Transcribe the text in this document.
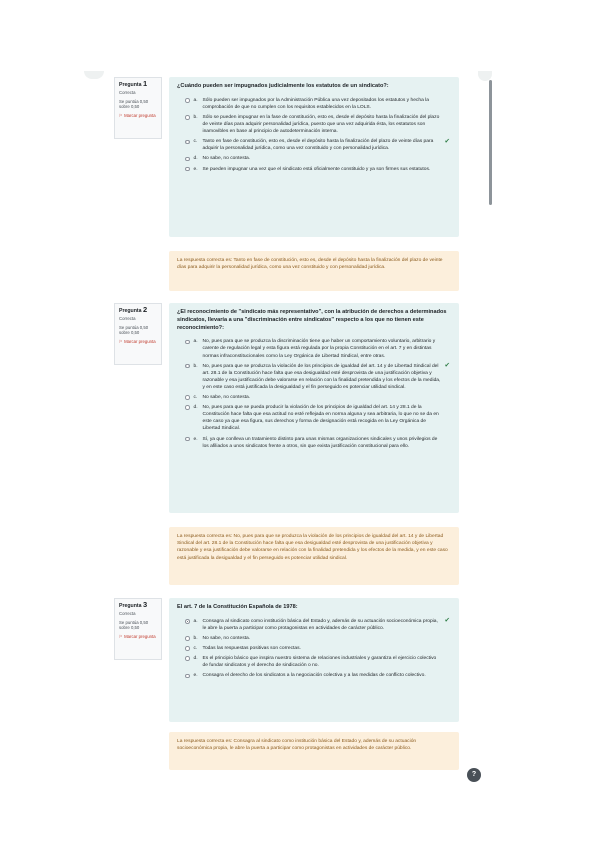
Pregunta 1
Correcta
Se puntúa 0,50 sobre 0,50
⚐ Marcar pregunta
¿Cuándo pueden ser impugnados judicialmente los estatutos de un sindicato?:
a.	Sólo pueden ser impugnados por la Administración Pública una vez depositados los estatutos y hecha la comprobación de que no cumplen con los requisitos establecidos en la LOLS.
b.	Sólo se pueden impugnar en la fase de constitución, esto es, desde el depósito hasta la finalización del plazo de veinte días para adquirir personalidad jurídica, puesto que una vez adquirida ésta, los estatutos son inamovibles en base al principio de autodeterminación interna.
c.	Tanto en fase de constitución, esto es, desde el depósito hasta la finalización del plazo de veinte días para adquirir la personalidad jurídica, como una vez constituido y con personalidad jurídica.
✔
d.	No sabe, no contesta.
e.	Se pueden impugnar una vez que el sindicato está oficialmente constituido y ya son firmes sus estatutos.
La respuesta correcta es: Tanto en fase de constitución, esto es, desde el depósito hasta la finalización del plazo de veinte días para adquirir la personalidad jurídica, como una vez constituido y con personalidad jurídica.
Pregunta 2
Correcta
Se puntúa 0,50 sobre 0,50
⚐ Marcar pregunta
¿El reconocimiento de "sindicato más representativo", con la atribución de derechos a determinados sindicatos, llevaría a una "discriminación entre sindicatos" respecto a los que no tienen este reconocimiento?:
a.	No, pues para que se produzca la discriminación tiene que haber un comportamiento voluntario, arbitrario y carente de regulación legal y esta figura está regulada por la propia Constitución en el art. 7 y en distintas normas infraconstitucionales como la Ley Orgánica de Libertad Sindical, entre otras.
b.	No, pues para que se produzca la violación de los principios de igualdad del art. 14 y de Libertad Sindical del art. 28.1 de la Constitución hace falta que esa desigualdad esté desprovista de una justificación objetiva y razonable y esa justificación debe valorarse en relación con la finalidad pretendida y los efectos de la medida, y en este caso está justificada la desigualdad y el fin perseguido es potenciar utilidad sindical.
✔
c.	No sabe, no contesta.
d.	No, pues para que se pueda producir la violación de los principios de igualdad del art. 14 y 28.1 de la Constitución hace falta que esa actitud no esté reflejada en norma alguna y sea arbitraria, lo que no se da en este caso ya que esa figura, sus derechos y forma de designación está recogida en la Ley Orgánica de Libertad Sindical.
e.	Sí, ya que conlleva un tratamiento distinto para unas mismas organizaciones sindicales y unos privilegios de los afiliados a unos sindicatos frente a otros, sin que exista justificación constitucional para ello.
La respuesta correcta es: No, pues para que se produzca la violación de los principios de igualdad del art. 14 y de Libertad Sindical del art. 28.1 de la Constitución hace falta que esa desigualdad esté desprovista de una justificación objetiva y razonable y esa justificación debe valorarse en relación con la finalidad pretendida y los efectos de la medida, y en este caso está justificada la desigualdad y el fin perseguido es potenciar utilidad sindical.
Pregunta 3
Correcta
Se puntúa 0,50 sobre 0,50
⚐ Marcar pregunta
El art. 7 de la Constitución Española de 1978:
a.	Consagra al sindicato como institución básica del Estado y, además de su actuación socioeconómica propia, le abre la puerta a participar como protagonistas en actividades de carácter público.
✔
b.	No sabe, no contesta.
c.	Todas las respuestas positivas son correctas.
d.	Es el principio básico que inspira nuestro sistema de relaciones industriales y garantiza el ejercicio colectivo de fundar sindicatos y el derecho de sindicación o no.
e.	Consagra el derecho de los sindicatos a la negociación colectiva y a las medidas de conflicto colectivo.
La respuesta correcta es: Consagra al sindicato como institución básica del Estado y, además de su actuación socioeconómica propia, le abre la puerta a participar como protagonistas en actividades de carácter público.
?
